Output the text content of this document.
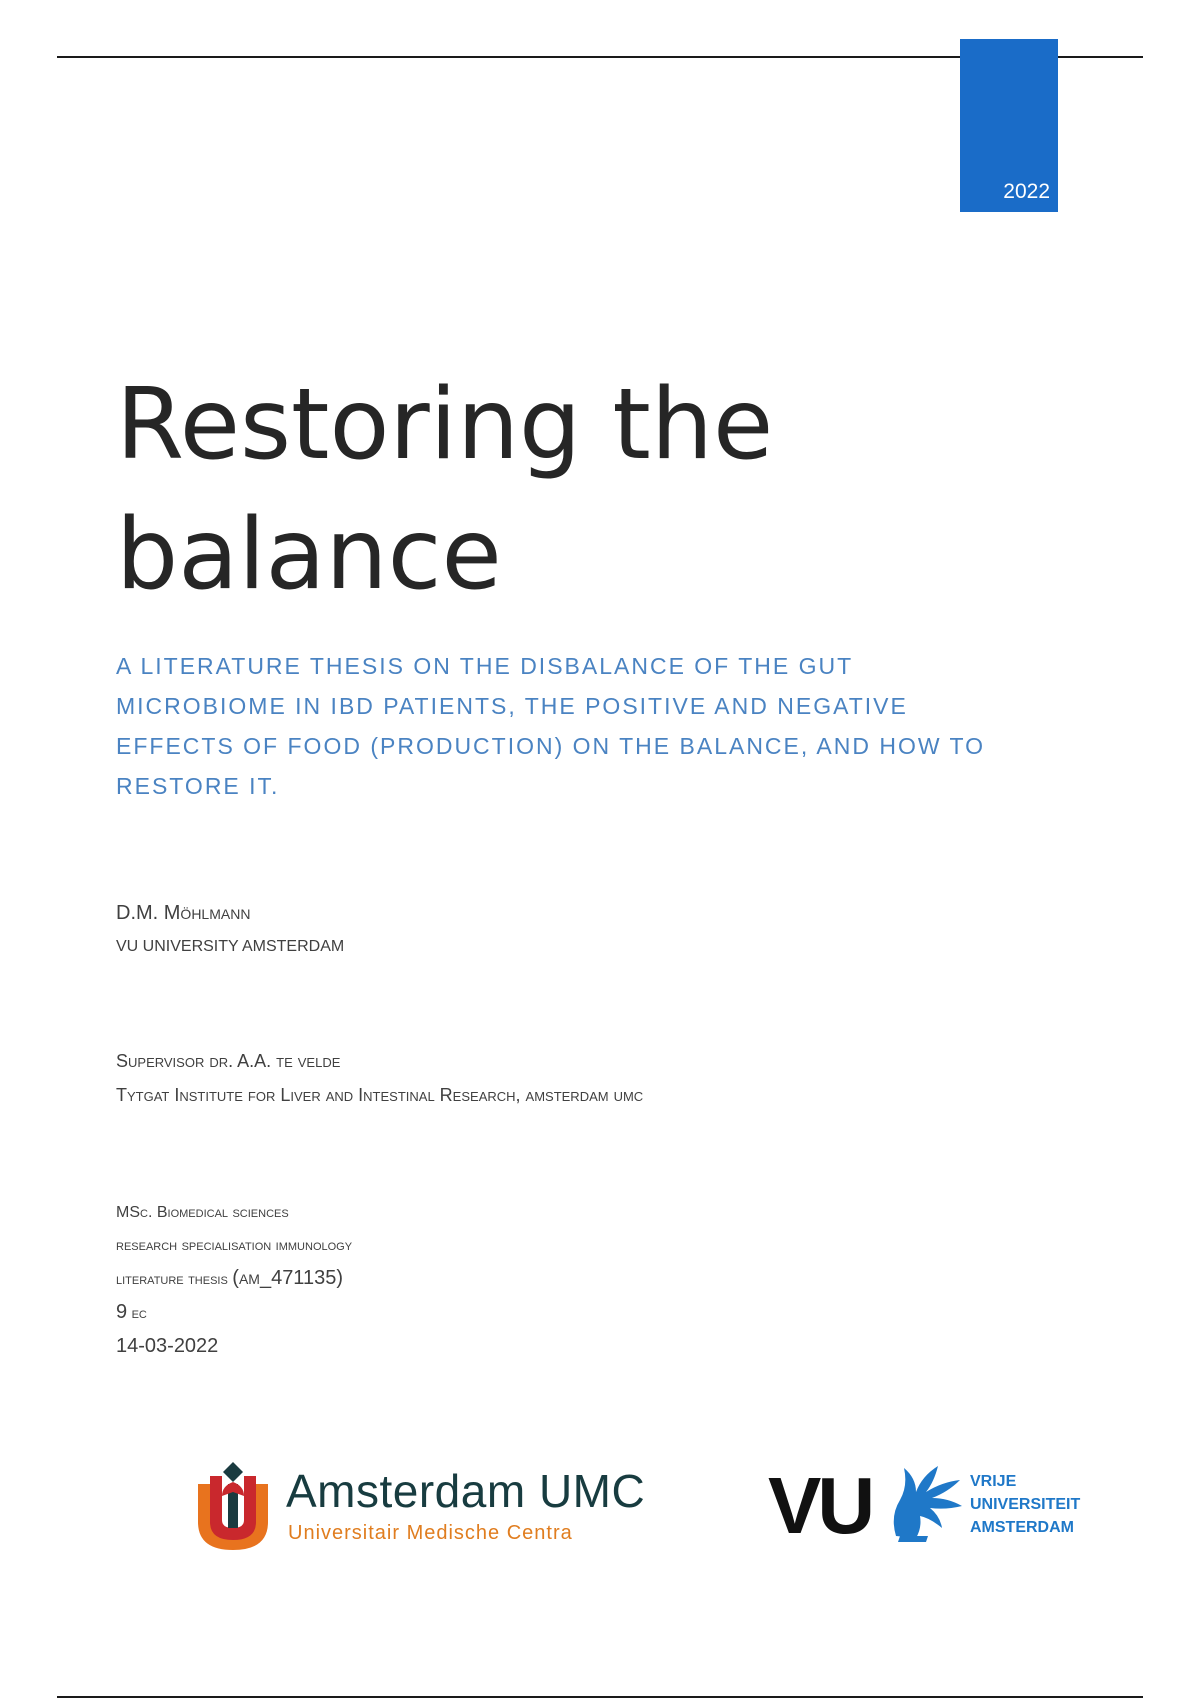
2022
Restoring the balance

A LITERATURE THESIS ON THE DISBALANCE OF THE GUT MICROBIOME IN IBD PATIENTS, THE POSITIVE AND NEGATIVE EFFECTS OF FOOD (PRODUCTION) ON THE BALANCE, AND HOW TO RESTORE IT.

D.M. Möhlmann
VU UNIVERSITY AMSTERDAM
Supervisor dr. A.A. te velde
Tytgat Institute for Liver and Intestinal Research, amsterdam umc
MSc. Biomedical sciences
research specialisation immunology
literature thesis (am_471135)
9 ec
14-03-2022
Amsterdam UMC
Universitair Medische Centra VU	VRIJE
UNIVERSITEIT
AMSTERDAM
